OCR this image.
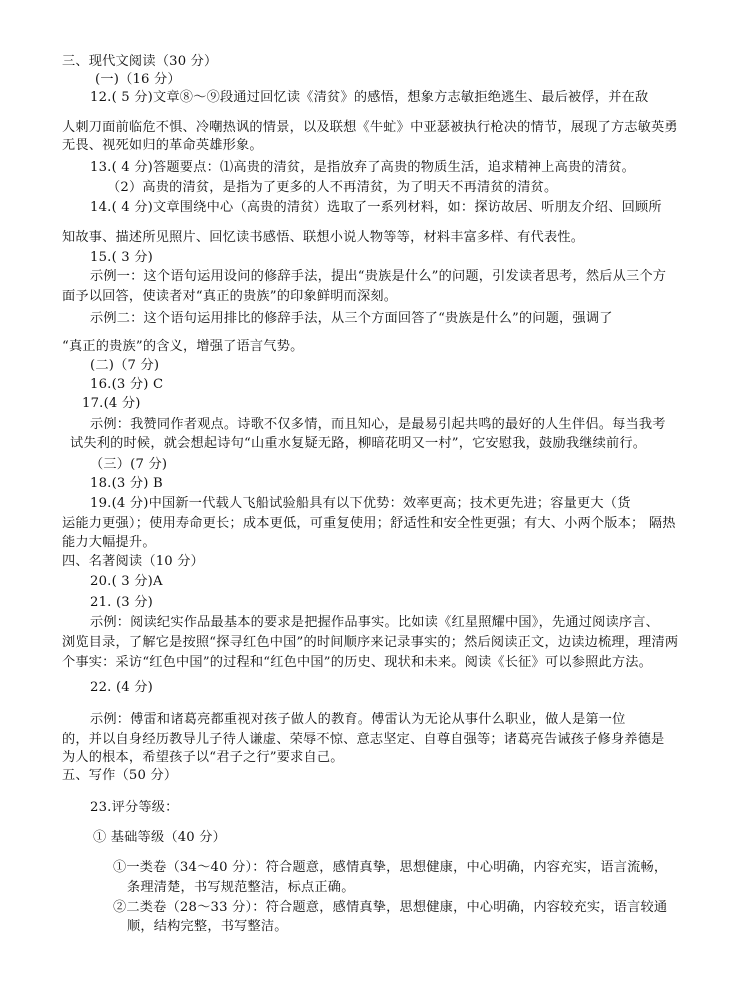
三、现代文阅读（30 分）
(一)（16 分）
12.( 5 分)文章⑧～⑨段通过回忆读《清贫》的感悟，想象方志敏拒绝逃生、最后被俘，并在敌
人刺刀面前临危不惧、冷嘲热讽的情景，以及联想《牛虻》中亚瑟被执行枪决的情节，展现了方志敏英勇
无畏、视死如归的革命英雄形象。
13.( 4 分)答题要点：⑴高贵的清贫，是指放弃了高贵的物质生活，追求精神上高贵的清贫。
（2）高贵的清贫，是指为了更多的人不再清贫，为了明天不再清贫的清贫。
14.( 4 分)文章围绕中心（高贵的清贫）选取了一系列材料，如：探访故居、听朋友介绍、回顾所
知故事、描述所见照片、回忆读书感悟、联想小说人物等等，材料丰富多样、有代表性。
15.( 3 分)
示例一：这个语句运用设问的修辞手法，提出“贵族是什么”的问题，引发读者思考，然后从三个方
面予以回答，使读者对“真正的贵族”的印象鲜明而深刻。
示例二：这个语句运用排比的修辞手法，从三个方面回答了“贵族是什么”的问题，强调了
“真正的贵族”的含义，增强了语言气势。
(二)（7 分)
16.(3 分) C
17.(4 分)
示例：我赞同作者观点。诗歌不仅多情，而且知心，是最易引起共鸣的最好的人生伴侣。每当我考
试失利的时候，就会想起诗句“山重水复疑无路，柳暗花明又一村”，它安慰我，鼓励我继续前行。
（三）(7 分)
18.(3 分) B
19.(4 分)中国新一代载人飞船试验船具有以下优势：效率更高；技术更先进；容量更大（货
运能力更强）；使用寿命更长；成本更低，可重复使用；舒适性和安全性更强；有大、小两个版本； 隔热
能力大幅提升。
四、名著阅读（10 分）
20.( 3 分)A
21. (3 分)
示例：阅读纪实作品最基本的要求是把握作品事实。比如读《红星照耀中国》，先通过阅读序言、
浏览目录，了解它是按照“探寻红色中国”的时间顺序来记录事实的；然后阅读正文，边读边梳理，理清两
个事实：采访“红色中国”的过程和“红色中国”的历史、现状和未来。阅读《长征》可以参照此方法。
22. (4 分)
示例：傅雷和诸葛亮都重视对孩子做人的教育。傅雷认为无论从事什么职业，做人是第一位
的，并以自身经历教导儿子待人谦虚、荣辱不惊、意志坚定、自尊自强等；诸葛亮告诫孩子修身养德是
为人的根本，希望孩子以“君子之行”要求自己。
五、写作（50 分）
23.评分等级：
① 基础等级（40 分）
①一类卷（34～40 分）：符合题意，感情真挚，思想健康，中心明确，内容充实，语言流畅，
条理清楚，书写规范整洁，标点正确。
②二类卷（28～33 分）：符合题意，感情真挚，思想健康，中心明确，内容较充实，语言较通
顺，结构完整，书写整洁。
